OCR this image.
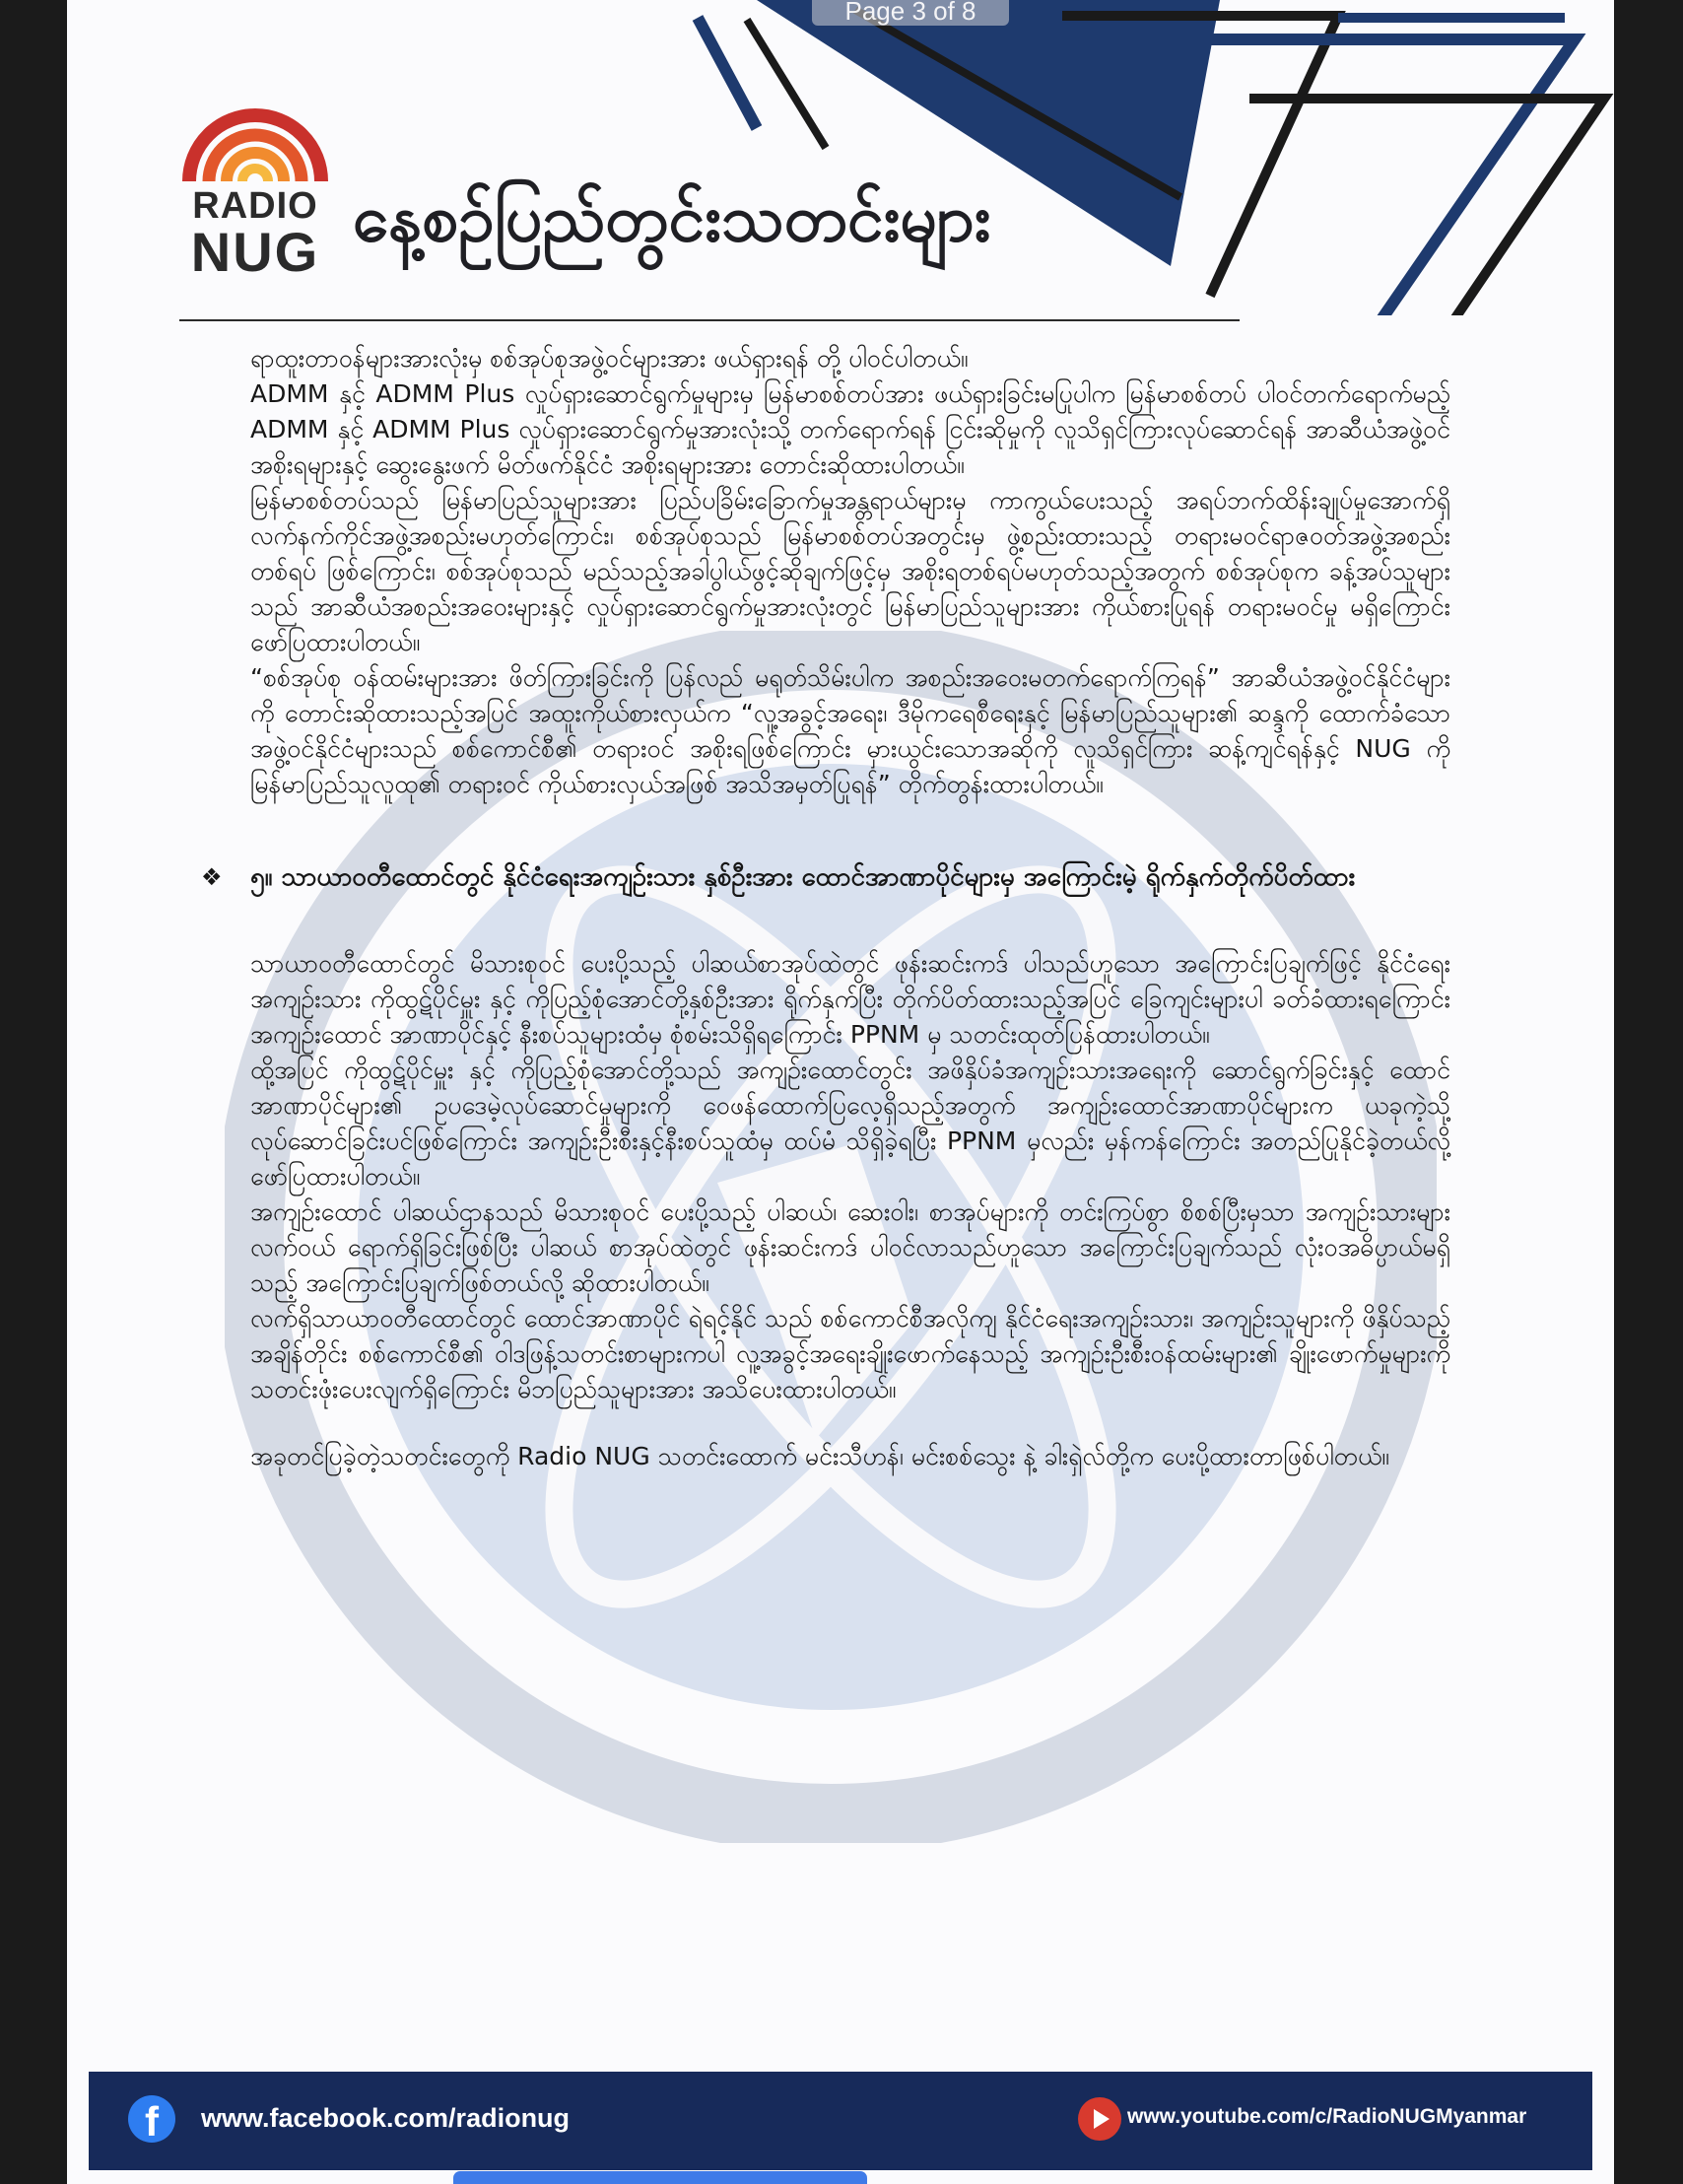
Page 3 of 8
RADIO
NUG နေ့စဉ်ပြည်တွင်းသတင်းများ

ရာထူးတာဝန်များအားလုံးမှ စစ်အုပ်စုအဖွဲ့ဝင်များအား ဖယ်ရှားရန် တို့ ပါဝင်ပါတယ်။

ADMM နှင့် ADMM Plus လှုပ်ရှားဆောင်ရွက်မှုများမှ မြန်မာစစ်တပ်အား ဖယ်ရှားခြင်းမပြုပါက မြန်မာစစ်တပ် ပါဝင်တက်ရောက်မည့် ADMM နှင့် ADMM Plus လှုပ်ရှားဆောင်ရွက်မှုအားလုံးသို့ တက်ရောက်ရန် ငြင်းဆိုမှုကို လူသိရှင်ကြားလုပ်ဆောင်ရန် အာဆီယံအဖွဲ့ဝင် အစိုးရများနှင့် ဆွေးနွေးဖက် မိတ်ဖက်နိုင်ငံ အစိုးရများအား တောင်းဆိုထားပါတယ်။

မြန်မာစစ်တပ်သည် မြန်မာပြည်သူများအား ပြည်ပခြိမ်းခြောက်မှုအန္တရာယ်များမှ ကာကွယ်ပေးသည့် အရပ်ဘက်ထိန်းချုပ်မှုအောက်ရှိ လက်နက်ကိုင်အဖွဲ့အစည်းမဟုတ်ကြောင်း၊ စစ်အုပ်စုသည် မြန်မာစစ်တပ်အတွင်းမှ ဖွဲ့စည်းထားသည့် တရားမဝင်ရာဇဝတ်အဖွဲ့အစည်းတစ်ရပ် ဖြစ်ကြောင်း၊ စစ်အုပ်စုသည် မည်သည့်အခါပွါယ်ဖွင့်ဆိုချက်ဖြင့်မှ အစိုးရတစ်ရပ်မဟုတ်သည့်အတွက် စစ်အုပ်စုက ခန့်အပ်သူများသည် အာဆီယံအစည်းအဝေးများနှင့် လှုပ်ရှားဆောင်ရွက်မှုအားလုံးတွင် မြန်မာပြည်သူများအား ကိုယ်စားပြုရန် တရားမဝင်မှု မရှိကြောင်း ဖော်ပြထားပါတယ်။

“စစ်အုပ်စု ဝန်ထမ်းများအား ဖိတ်ကြားခြင်းကို ပြန်လည် မရုတ်သိမ်းပါက အစည်းအဝေးမတက်ရောက်ကြရန်” အာဆီယံအဖွဲ့ဝင်နိုင်ငံများကို တောင်းဆိုထားသည့်အပြင် အထူးကိုယ်စားလှယ်က “လူ့အခွင့်အရေး၊ ဒီမိုကရေစီရေးနှင့် မြန်မာပြည်သူများ၏ ဆန္ဒကို ထောက်ခံသော အဖွဲ့ဝင်နိုင်ငံများသည် စစ်ကောင်စီ၏ တရားဝင် အစိုးရဖြစ်ကြောင်း မှားယွင်းသောအဆိုကို လူသိရှင်ကြား ဆန့်ကျင်ရန်နှင့် NUG ကို မြန်မာပြည်သူလူထု၏ တရားဝင် ကိုယ်စားလှယ်အဖြစ် အသိအမှတ်ပြုရန်” တိုက်တွန်းထားပါတယ်။

❖ ၅။ သာယာဝတီထောင်တွင် နိုင်ငံရေးအကျဉ်းသား နှစ်ဦးအား ထောင်အာဏာပိုင်များမှ အကြောင်းမဲ့ ရိုက်နှက်တိုက်ပိတ်ထား

သာယာဝတီထောင်တွင် မိသားစုဝင် ပေးပို့သည့် ပါဆယ်စာအုပ်ထဲတွင် ဖုန်းဆင်းကဒ် ပါသည်ဟူသော အကြောင်းပြချက်ဖြင့် နိုင်ငံရေးအကျဉ်းသား ကိုထွဋ်ပိုင်မှူး နှင့် ကိုပြည့်စုံအောင်တို့နှစ်ဦးအား ရိုက်နှက်ပြီး တိုက်ပိတ်ထားသည့်အပြင် ခြေကျင်းများပါ ခတ်ခံထားရကြောင်း အကျဉ်းထောင် အာဏာပိုင်နှင့် နီးစပ်သူများထံမှ စုံစမ်းသိရှိရကြောင်း PPNM မှ သတင်းထုတ်ပြန်ထားပါတယ်။

ထို့အပြင် ကိုထွဋ်ပိုင်မှူး နှင့် ကိုပြည့်စုံအောင်တို့သည် အကျဉ်းထောင်တွင်း အဖိနှိပ်ခံအကျဉ်းသားအရေးကို ဆောင်ရွက်ခြင်းနှင့် ထောင်အာဏာပိုင်များ၏ ဥပဒေမဲ့လုပ်ဆောင်မှုများကို ဝေဖန်ထောက်ပြလေ့ရှိသည့်အတွက် အကျဉ်းထောင်အာဏာပိုင်များက ယခုကဲ့သို့ လုပ်ဆောင်ခြင်းပင်ဖြစ်ကြောင်း အကျဉ်းဦးစီးနှင့်နီးစပ်သူထံမှ ထပ်မံ သိရှိခဲ့ရပြီး PPNM မှလည်း မှန်ကန်ကြောင်း အတည်ပြုနိုင်ခဲ့တယ်လို့ ဖော်ပြထားပါတယ်။

အကျဉ်းထောင် ပါဆယ်ဌာနသည် မိသားစုဝင် ပေးပို့သည့် ပါဆယ်၊ ဆေးဝါး၊ စာအုပ်များကို တင်းကြပ်စွာ စိစစ်ပြီးမှသာ အကျဉ်းသားများလက်ဝယ် ရောက်ရှိခြင်းဖြစ်ပြီး ပါဆယ် စာအုပ်ထဲတွင် ဖုန်းဆင်းကဒ် ပါဝင်လာသည်ဟူသော အကြောင်းပြချက်သည် လုံးဝအဓိပ္ပာယ်မရှိသည့် အကြောင်းပြချက်ဖြစ်တယ်လို့ ဆိုထားပါတယ်။

လက်ရှိသာယာဝတီထောင်တွင် ထောင်အာဏာပိုင် ရဲရင့်နိုင် သည် စစ်ကောင်စီအလိုကျ နိုင်ငံရေးအကျဉ်းသား၊ အကျဉ်းသူများကို ဖိနှိပ်သည့်အချိန်တိုင်း စစ်ကောင်စီ၏ ဝါဒဖြန့်သတင်းစာများကပါ လူ့အခွင့်အရေးချိုးဖောက်နေသည့် အကျဉ်းဦးစီးဝန်ထမ်းများ၏ ချိုးဖောက်မှုများကို သတင်းဖုံးပေးလျက်ရှိကြောင်း မိဘပြည်သူများအား အသိပေးထားပါတယ်။

အခုတင်ပြခဲ့တဲ့သတင်းတွေကို Radio NUG သတင်းထောက် မင်းသီဟန်၊ မင်းစစ်သွေး နဲ့ ခါးရှဲလ်တို့က ပေးပို့ထားတာဖြစ်ပါတယ်။

f	www.facebook.com/radionug	www.youtube.com/c/RadioNUGMyanmar
